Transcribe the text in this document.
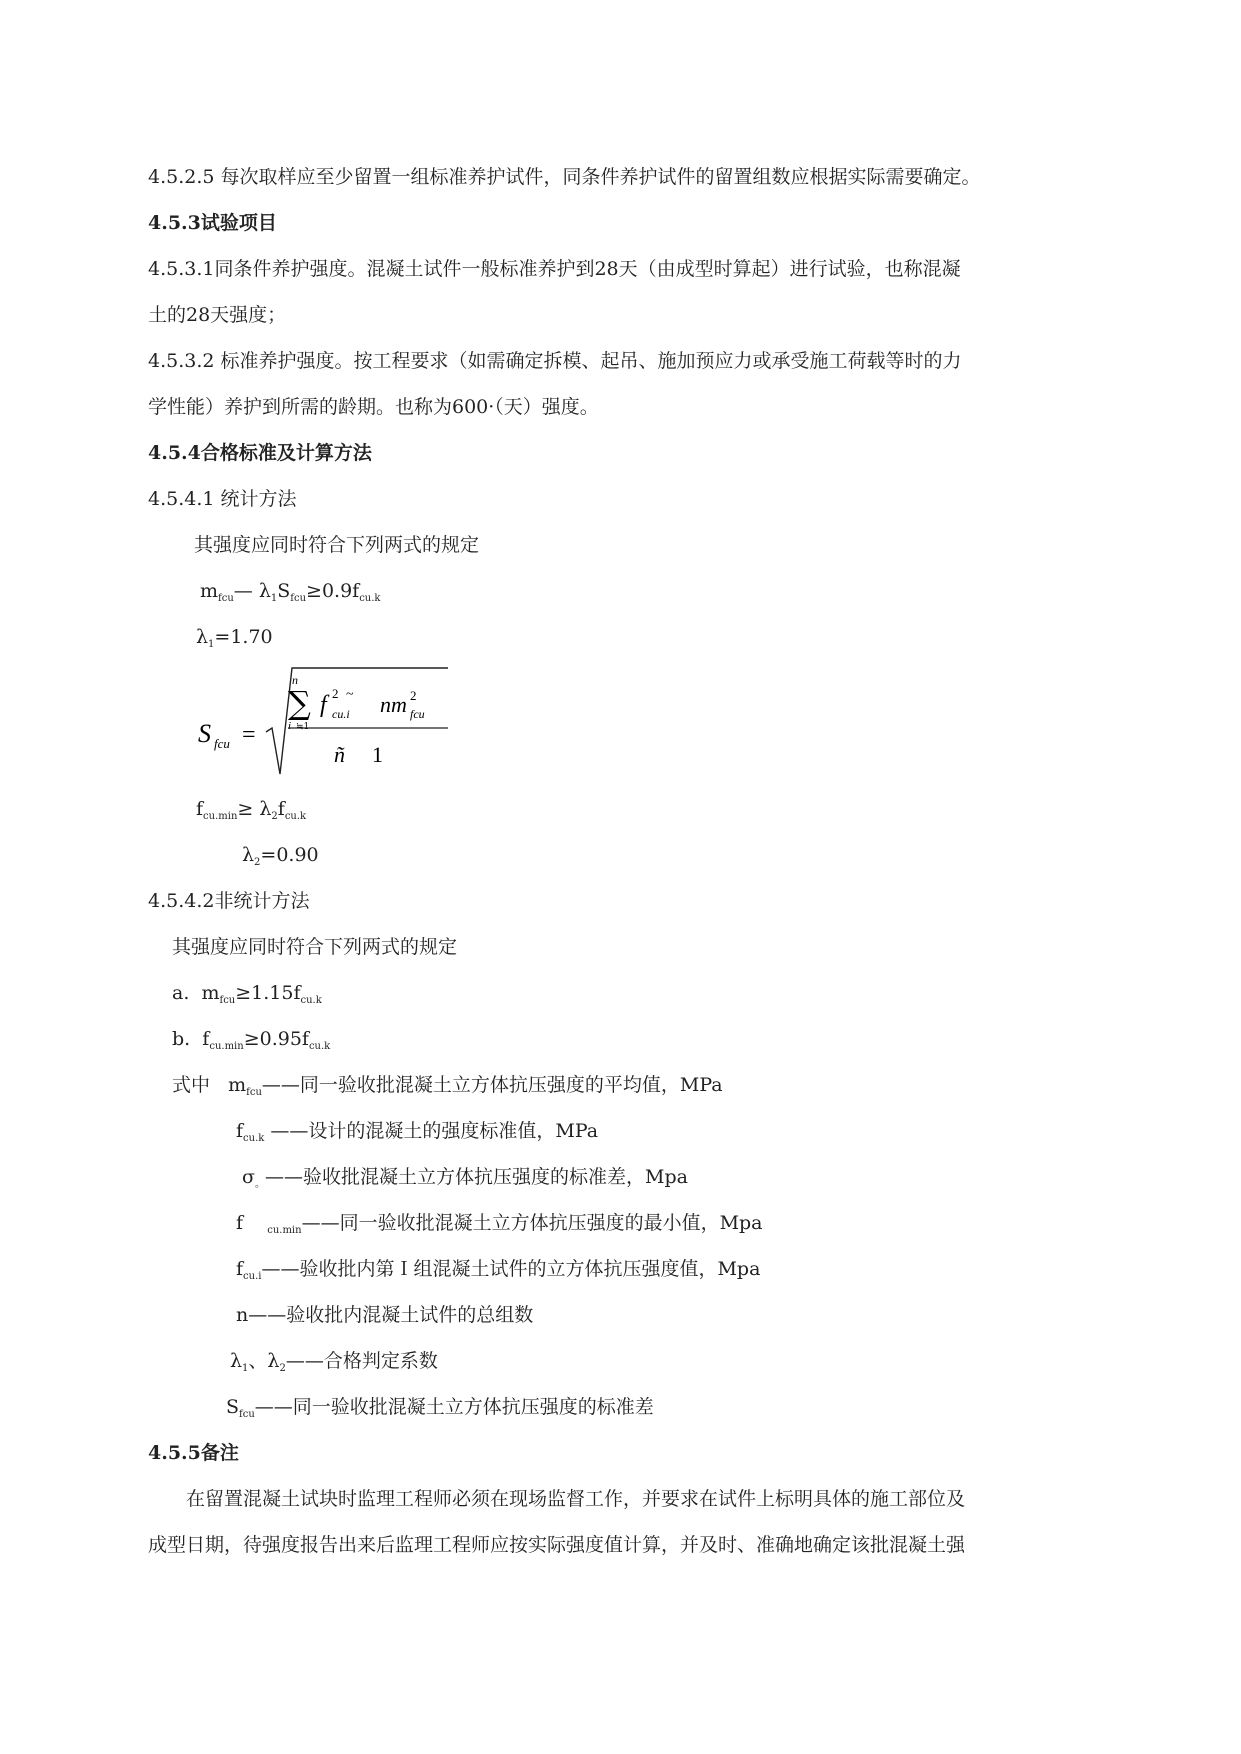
4.5.2.5 每次取样应至少留置一组标准养护试件，同条件养护试件的留置组数应根据实际需要确定。
4.5.3试验项目
4.5.3.1同条件养护强度。混凝土试件一般标准养护到28天（由成型时算起）进行试验，也称混凝
土的28天强度；
4.5.3.2 标准养护强度。按工程要求（如需确定拆模、起吊、施加预应力或承受施工荷载等时的力
学性能）养护到所需的龄期。也称为600·（天）强度。
4.5.4合格标准及计算方法
4.5.4.1 统计方法
其强度应同时符合下列两式的规定
$m_{fcu}—$ $\lambda_1S_{fcu}\ge 0.9f_{cu.k}$
$\lambda_1=1.70$
S fcu =
n
∑
i ≒1
f 2
cu.i
~ nm 2
fcu
ñ 1
$f_{cu.min}\ge \lambda_2f_{cu.k}$
$\lambda_2=0.90$
4.5.4.2非统计方法
其强度应同时符合下列两式的规定
a. $m_{fcu}\ge 1.15f_{cu.k}$
b. $f_{cu.min}\ge 0.95f_{cu.k}$
式中 $m_{fcu}——$同一验收批混凝土立方体抗压强度的平均值，MPa
$f_{cu.k}$ ——设计的混凝土的强度标准值，MPa
$\sigma_。——$验收批混凝土立方体抗压强度的标准差，Mpa
f $_{cu.min}$——同一验收批混凝土立方体抗压强度的最小值，Mpa
$f_{cu.i}——$验收批内第Ｉ组混凝土试件的立方体抗压强度值，Mpa
n——验收批内混凝土试件的总组数
$\lambda_1$、$\lambda_2——$合格判定系数
$S_{fcu}——$同一验收批混凝土立方体抗压强度的标准差
4.5.5备注
在留置混凝土试块时监理工程师必须在现场监督工作，并要求在试件上标明具体的施工部位及
成型日期，待强度报告出来后监理工程师应按实际强度值计算，并及时、准确地确定该批混凝土强
